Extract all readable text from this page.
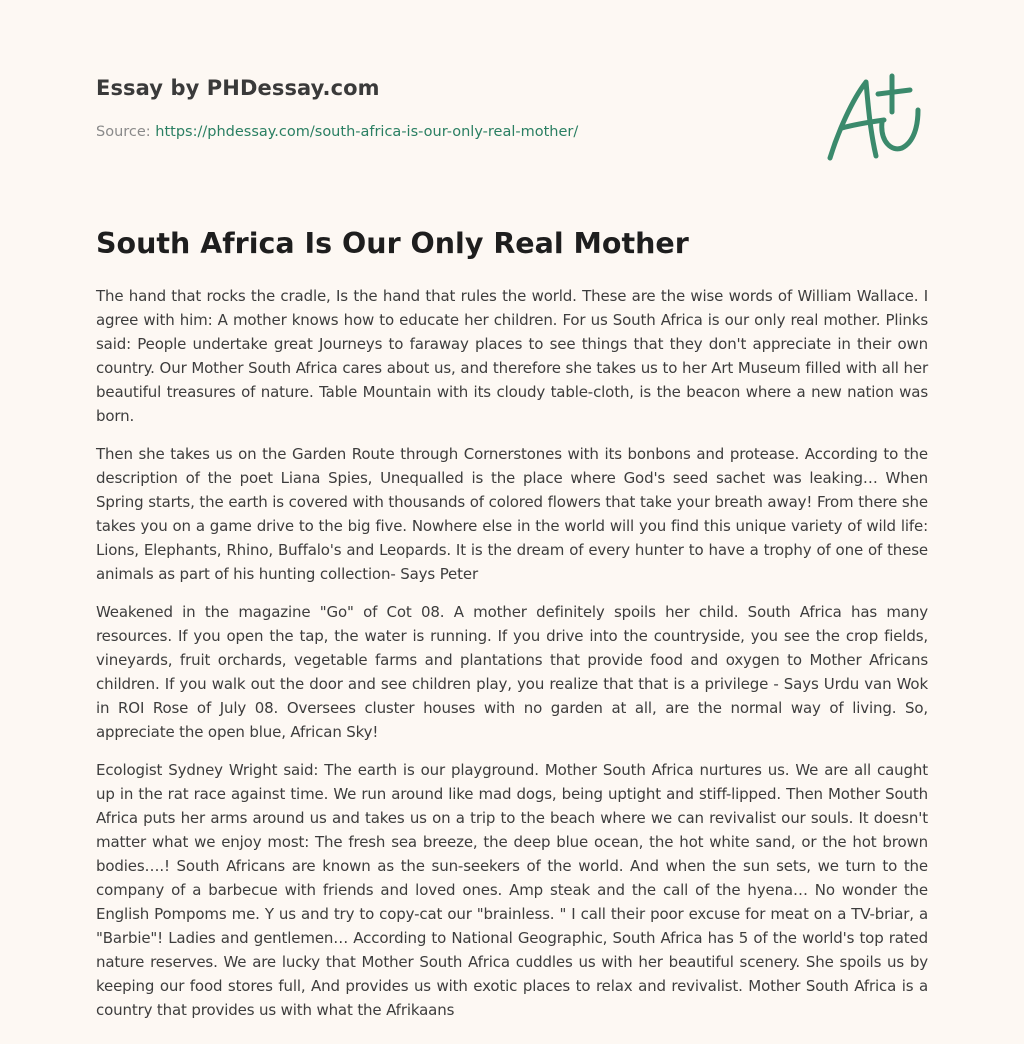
Essay by PHDessay.com
Source: https://phdessay.com/south-africa-is-our-only-real-mother/
South Africa Is Our Only Real Mother

The hand that rocks the cradle, Is the hand that rules the world. These are the wise words of William Wallace. I agree with him: A mother knows how to educate her children. For us South Africa is our only real mother. Plinks said: People undertake great Journeys to faraway places to see things that they don't appreciate in their own country. Our Mother South Africa cares about us, and therefore she takes us to her Art Museum filled with all her beautiful treasures of nature. Table Mountain with its cloudy table-cloth, is the beacon where a new nation was born.

Then she takes us on the Garden Route through Cornerstones with its bonbons and protease. According to the description of the poet Liana Spies, Unequalled is the place where God's seed sachet was leaking… When Spring starts, the earth is covered with thousands of colored flowers that take your breath away! From there she takes you on a game drive to the big five. Nowhere else in the world will you find this unique variety of wild life: Lions, Elephants, Rhino, Buffalo's and Leopards. It is the dream of every hunter to have a trophy of one of these animals as part of his hunting collection- Says Peter

Weakened in the magazine "Go" of Cot 08. A mother definitely spoils her child. South Africa has many resources. If you open the tap, the water is running. If you drive into the countryside, you see the crop fields, vineyards, fruit orchards, vegetable farms and plantations that provide food and oxygen to Mother Africans children. If you walk out the door and see children play, you realize that that is a privilege - Says Urdu van Wok in ROI Rose of July 08. Oversees cluster houses with no garden at all, are the normal way of living. So, appreciate the open blue, African Sky!

Ecologist Sydney Wright said: The earth is our playground. Mother South Africa nurtures us. We are all caught up in the rat race against time. We run around like mad dogs, being uptight and stiff-lipped. Then Mother South Africa puts her arms around us and takes us on a trip to the beach where we can revivalist our souls. It doesn't matter what we enjoy most: The fresh sea breeze, the deep blue ocean, the hot white sand, or the hot brown bodies….! South Africans are known as the sun-seekers of the world. And when the sun sets, we turn to the company of a barbecue with friends and loved ones. Amp steak and the call of the hyena… No wonder the English Pompoms me. Y us and try to copy-cat our "brainless. " I call their poor excuse for meat on a TV-briar, a "Barbie"! Ladies and gentlemen… According to National Geographic, South Africa has 5 of the world's top rated nature reserves. We are lucky that Mother South Africa cuddles us with her beautiful scenery. She spoils us by keeping our food stores full, And provides us with exotic places to relax and revivalist. Mother South Africa is a country that provides us with what the Afrikaans
